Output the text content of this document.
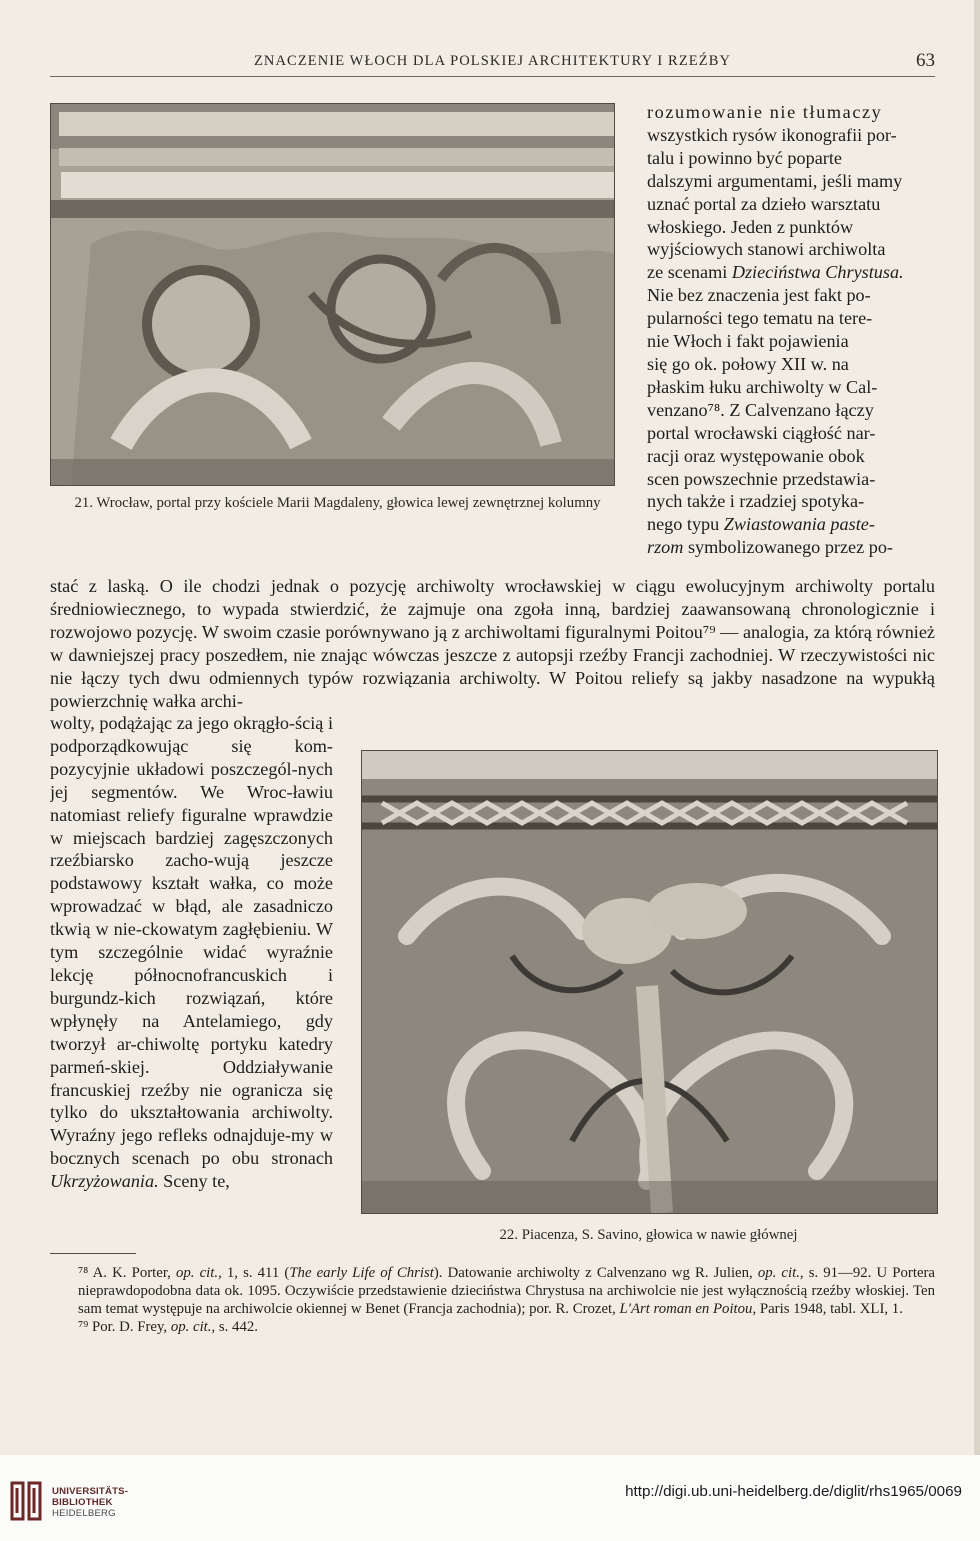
ZNACZENIE WŁOCH DLA POLSKIEJ ARCHITEKTURY I RZEŹBY	63
21. Wrocław, portal przy kościele Marii Magdaleny, głowica lewej zewnętrznej kolumny
22. Piacenza, S. Savino, głowica w nawie głównej

rozumowanie nie tłumaczy
wszystkich rysów ikonografii por-
talu i powinno być poparte
dalszymi argumentami, jeśli mamy
uznać portal za dzieło warsztatu
włoskiego. Jeden z punktów
wyjściowych stanowi archiwolta
ze scenami Dzieciństwa Chrystusa.
Nie bez znaczenia jest fakt po-
pularności tego tematu na tere-
nie Włoch i fakt pojawienia
się go ok. połowy XII w. na
płaskim łuku archiwolty w Cal-
venzano⁷⁸. Z Calvenzano łączy
portal wrocławski ciągłość nar-
racji oraz występowanie obok
scen powszechnie przedstawia-
nych także i rzadziej spotyka-
nego typu Zwiastowania paste-
rzom symbolizowanego przez po-

stać z laską. O ile chodzi jednak o pozycję archiwolty wrocławskiej w ciągu ewolucyjnym archiwolty portalu średniowiecznego, to wypada stwierdzić, że zajmuje ona zgoła inną, bardziej zaawansowaną chronologicznie i rozwojowo pozycję. W swoim czasie porównywano ją z archiwoltami figuralnymi Poitou⁷⁹ — analogia, za którą również w dawniejszej pracy poszedłem, nie znając wówczas jeszcze z autopsji rzeźby Francji zachodniej. W rzeczywistości nic nie łączy tych dwu odmiennych typów rozwiązania archiwolty. W Poitou reliefy są jakby nasadzone na wypukłą powierzchnię wałka archi-

wolty, podążając za jego okrągło-ścią i podporządkowując się kom-pozycyjnie układowi poszczegól-nych jej segmentów. We Wroc-ławiu natomiast reliefy figuralne wprawdzie w miejscach bardziej zagęszczonych rzeźbiarsko zacho-wują jeszcze podstawowy kształt wałka, co może wprowadzać w błąd, ale zasadniczo tkwią w nie-ckowatym zagłębieniu. W tym szczególnie widać wyraźnie lekcję północnofrancuskich i burgundz-kich rozwiązań, które wpłynęły na Antelamiego, gdy tworzył ar-chiwoltę portyku katedry parmeń-skiej. Oddziaływanie francuskiej rzeźby nie ogranicza się tylko do ukształtowania archiwolty. Wyraźny jego refleks odnajduje-my w bocznych scenach po obu stronach Ukrzyżowania. Sceny te,

⁷⁸ A. K. Porter, op. cit., 1, s. 411 (The early Life of Christ). Datowanie archiwolty z Calvenzano wg R. Julien, op. cit., s. 91—92. U Portera nieprawdopodobna data ok. 1095. Oczywiście przedstawienie dzieciństwa Chrystusa na archiwolcie nie jest wyłącznością rzeźby włoskiej. Ten sam temat występuje na archiwolcie okiennej w Benet (Francja zachodnia); por. R. Crozet, L'Art roman en Poitou, Paris 1948, tabl. XLI, 1.

⁷⁹ Por. D. Frey, op. cit., s. 442.

UNIVERSITÄTS-
BIBLIOTHEK
HEIDELBERG
http://digi.ub.uni-heidelberg.de/diglit/rhs1965/0069
